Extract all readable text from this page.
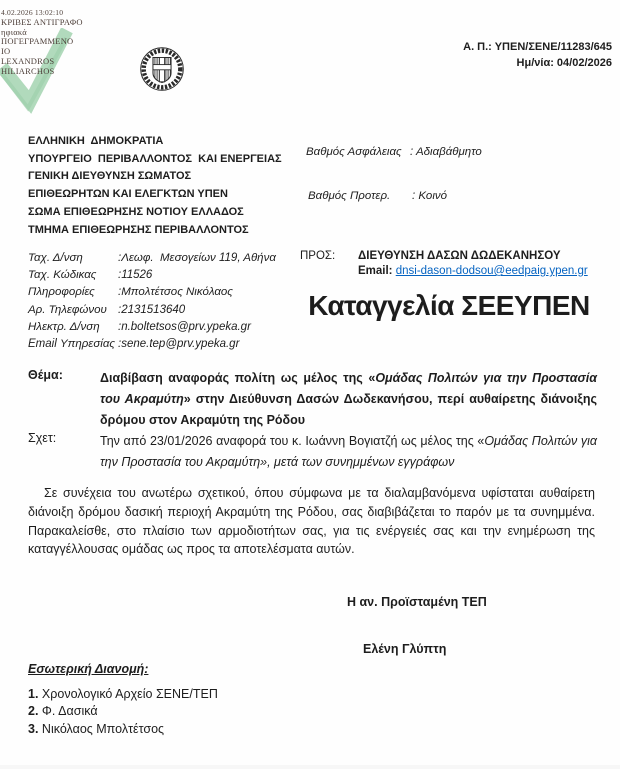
4.02.2026 13:02:10
ΚΡΙΒΕΣ ΑΝΤΙΓΡΑΦΟ
ηφιακά
ΠΟΓΕΓΡΑΜΜΕΝΟ
ΙΟ
LEXANDROS
HILIARCHOS
Α. Π.: ΥΠΕΝ/ΣΕΝΕ/11283/645
Ημ/νία: 04/02/2026
ΕΛΛΗΝΙΚΗ  ΔΗΜΟΚΡΑΤΙΑ
ΥΠΟΥΡΓΕΙΟ  ΠΕΡΙΒΑΛΛΟΝΤΟΣ  ΚΑΙ ΕΝΕΡΓΕΙΑΣ
ΓΕΝΙΚΗ ΔΙΕΥΘΥΝΣΗ ΣΩΜΑΤΟΣ
ΕΠΙΘΕΩΡΗΤΩΝ ΚΑΙ ΕΛΕΓΚΤΩΝ ΥΠΕΝ
ΣΩΜΑ ΕΠΙΘΕΩΡΗΣΗΣ ΝΟΤΙΟΥ ΕΛΛΑΔΟΣ
ΤΜΗΜΑ ΕΠΙΘΕΩΡΗΣΗΣ ΠΕΡΙΒΑΛΛΟΝΤΟΣ
Βαθμός Ασφάλειας : Αδιαβάθμητο
Βαθμός Προτερ.	: Κοινό
Ταχ. Δ/νση	:Λεωφ.  Μεσογείων 119, Αθήνα
Ταχ. Κώδικας	:11526
Πληροφορίες	:Μπολτέτσος Νικόλαος
Αρ. Τηλεφώνου :2131513640
Ηλεκτρ. Δ/νση	:n.boltetsos@prv.ypeka.gr
Email Υπηρεσίας :sene.tep@prv.ypeka.gr
ΠΡΟΣ:	ΔΙΕΥΘΥΝΣΗ ΔΑΣΩΝ ΔΩΔΕΚΑΝΗΣΟΥ
Email: dnsi-dason-dodsou@eedpaig.ypen.gr
Καταγγελία ΣΕΕΥΠΕΝ
Θέμα:	Διαβίβαση αναφοράς πολίτη ως μέλος της «Ομάδας Πολιτών για την Προστασία του Ακραμύτη» στην Διεύθυνση Δασών Δωδεκανήσου, περί αυθαίρετης διάνοιξης δρόμου στον Ακραμύτη της Ρόδου
Σχετ:	Την από 23/01/2026 αναφορά του κ. Ιωάννη Βογιατζή ως μέλος της «Ομάδας Πολιτών για την Προστασία του Ακραμύτη», μετά των συνημμένων εγγράφων
Σε συνέχεια του ανωτέρω σχετικού, όπου σύμφωνα με τα διαλαμβανόμενα υφίσταται αυθαίρετη διάνοιξη δρόμου δασική περιοχή Ακραμύτη της Ρόδου, σας διαβιβάζεται το παρόν με τα συνημμένα. Παρακαλείσθε, στο πλαίσιο των αρμοδιοτήτων σας, για τις ενέργειές σας και την ενημέρωση της καταγγέλλουσας ομάδας ως προς τα αποτελέσματα αυτών.
Η αν. Προϊσταμένη ΤΕΠ
Ελένη Γλύπτη
Εσωτερική Διανομή:
1. Χρονολογικό Αρχείο ΣΕΝΕ/ΤΕΠ
2. Φ. Δασικά
3. Νικόλαος Μπολτέτσος
